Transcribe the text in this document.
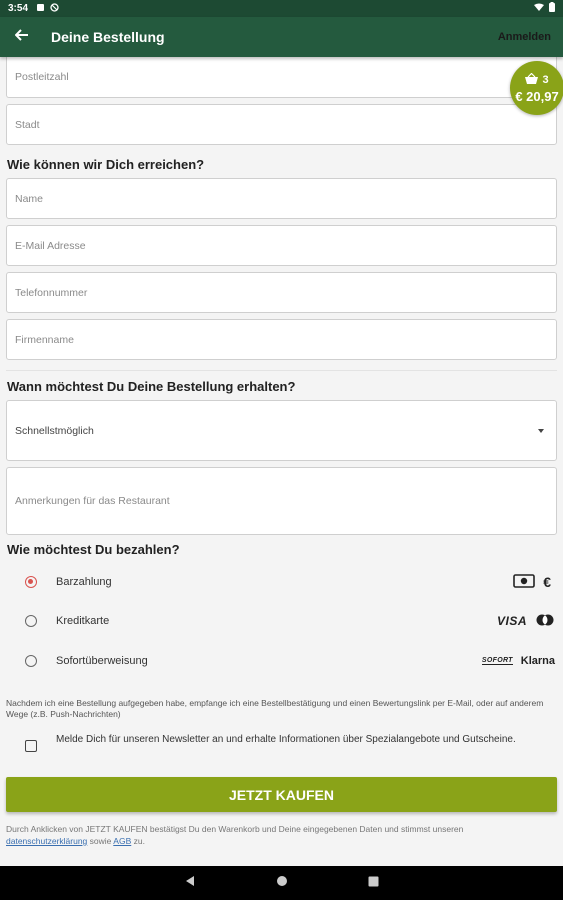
3:54
Deine Bestellung	Anmelden
3
€ 20,97
Postleitzahl
Stadt
Wie können wir Dich erreichen?
Name
E-Mail Adresse
Telefonnummer
Firmenname
Wann möchtest Du Deine Bestellung erhalten?
Schnellstmöglich
Anmerkungen für das Restaurant
Wie möchtest Du bezahlen?
Barzahlung	€
Kreditkarte	VISA
Sofortüberweisung	SOFORT Klarna
Nachdem ich eine Bestellung aufgegeben habe, empfange ich eine Bestellbestätigung und einen Bewertungslink per E-Mail, oder auf anderem Wege (z.B. Push-Nachrichten)
Melde Dich für unseren Newsletter an und erhalte Informationen über Spezialangebote und Gutscheine.
JETZT KAUFEN
Durch Anklicken von JETZT KAUFEN bestätigst Du den Warenkorb und Deine eingegebenen Daten und stimmst unseren
datenschutzerklärung sowie AGB zu.
